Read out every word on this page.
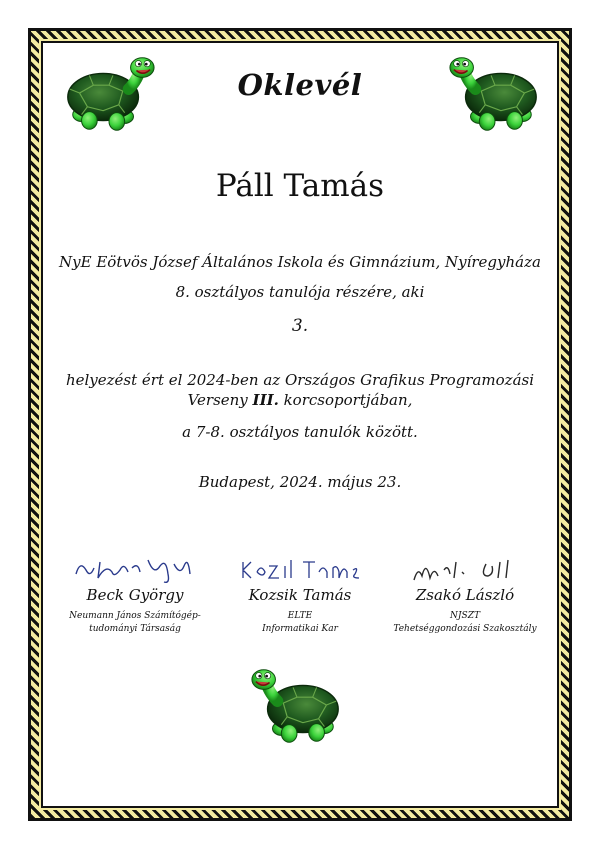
Oklevél
Páll Tamás
NyE Eötvös József Általános Iskola és Gimnázium, Nyíregyháza
8. osztályos tanulója részére, aki
3.
helyezést ért el 2024-ben az Országos Grafikus Programozási
Verseny III. korcsoportjában,
a 7-8. osztályos tanulók között.
Budapest, 2024. május 23.
Beck György
Neumann János Számítógép-
tudományi Társaság
Kozsik Tamás
ELTE
Informatikai Kar
Zsakó László
NJSZT
Tehetséggondozási Szakosztály
